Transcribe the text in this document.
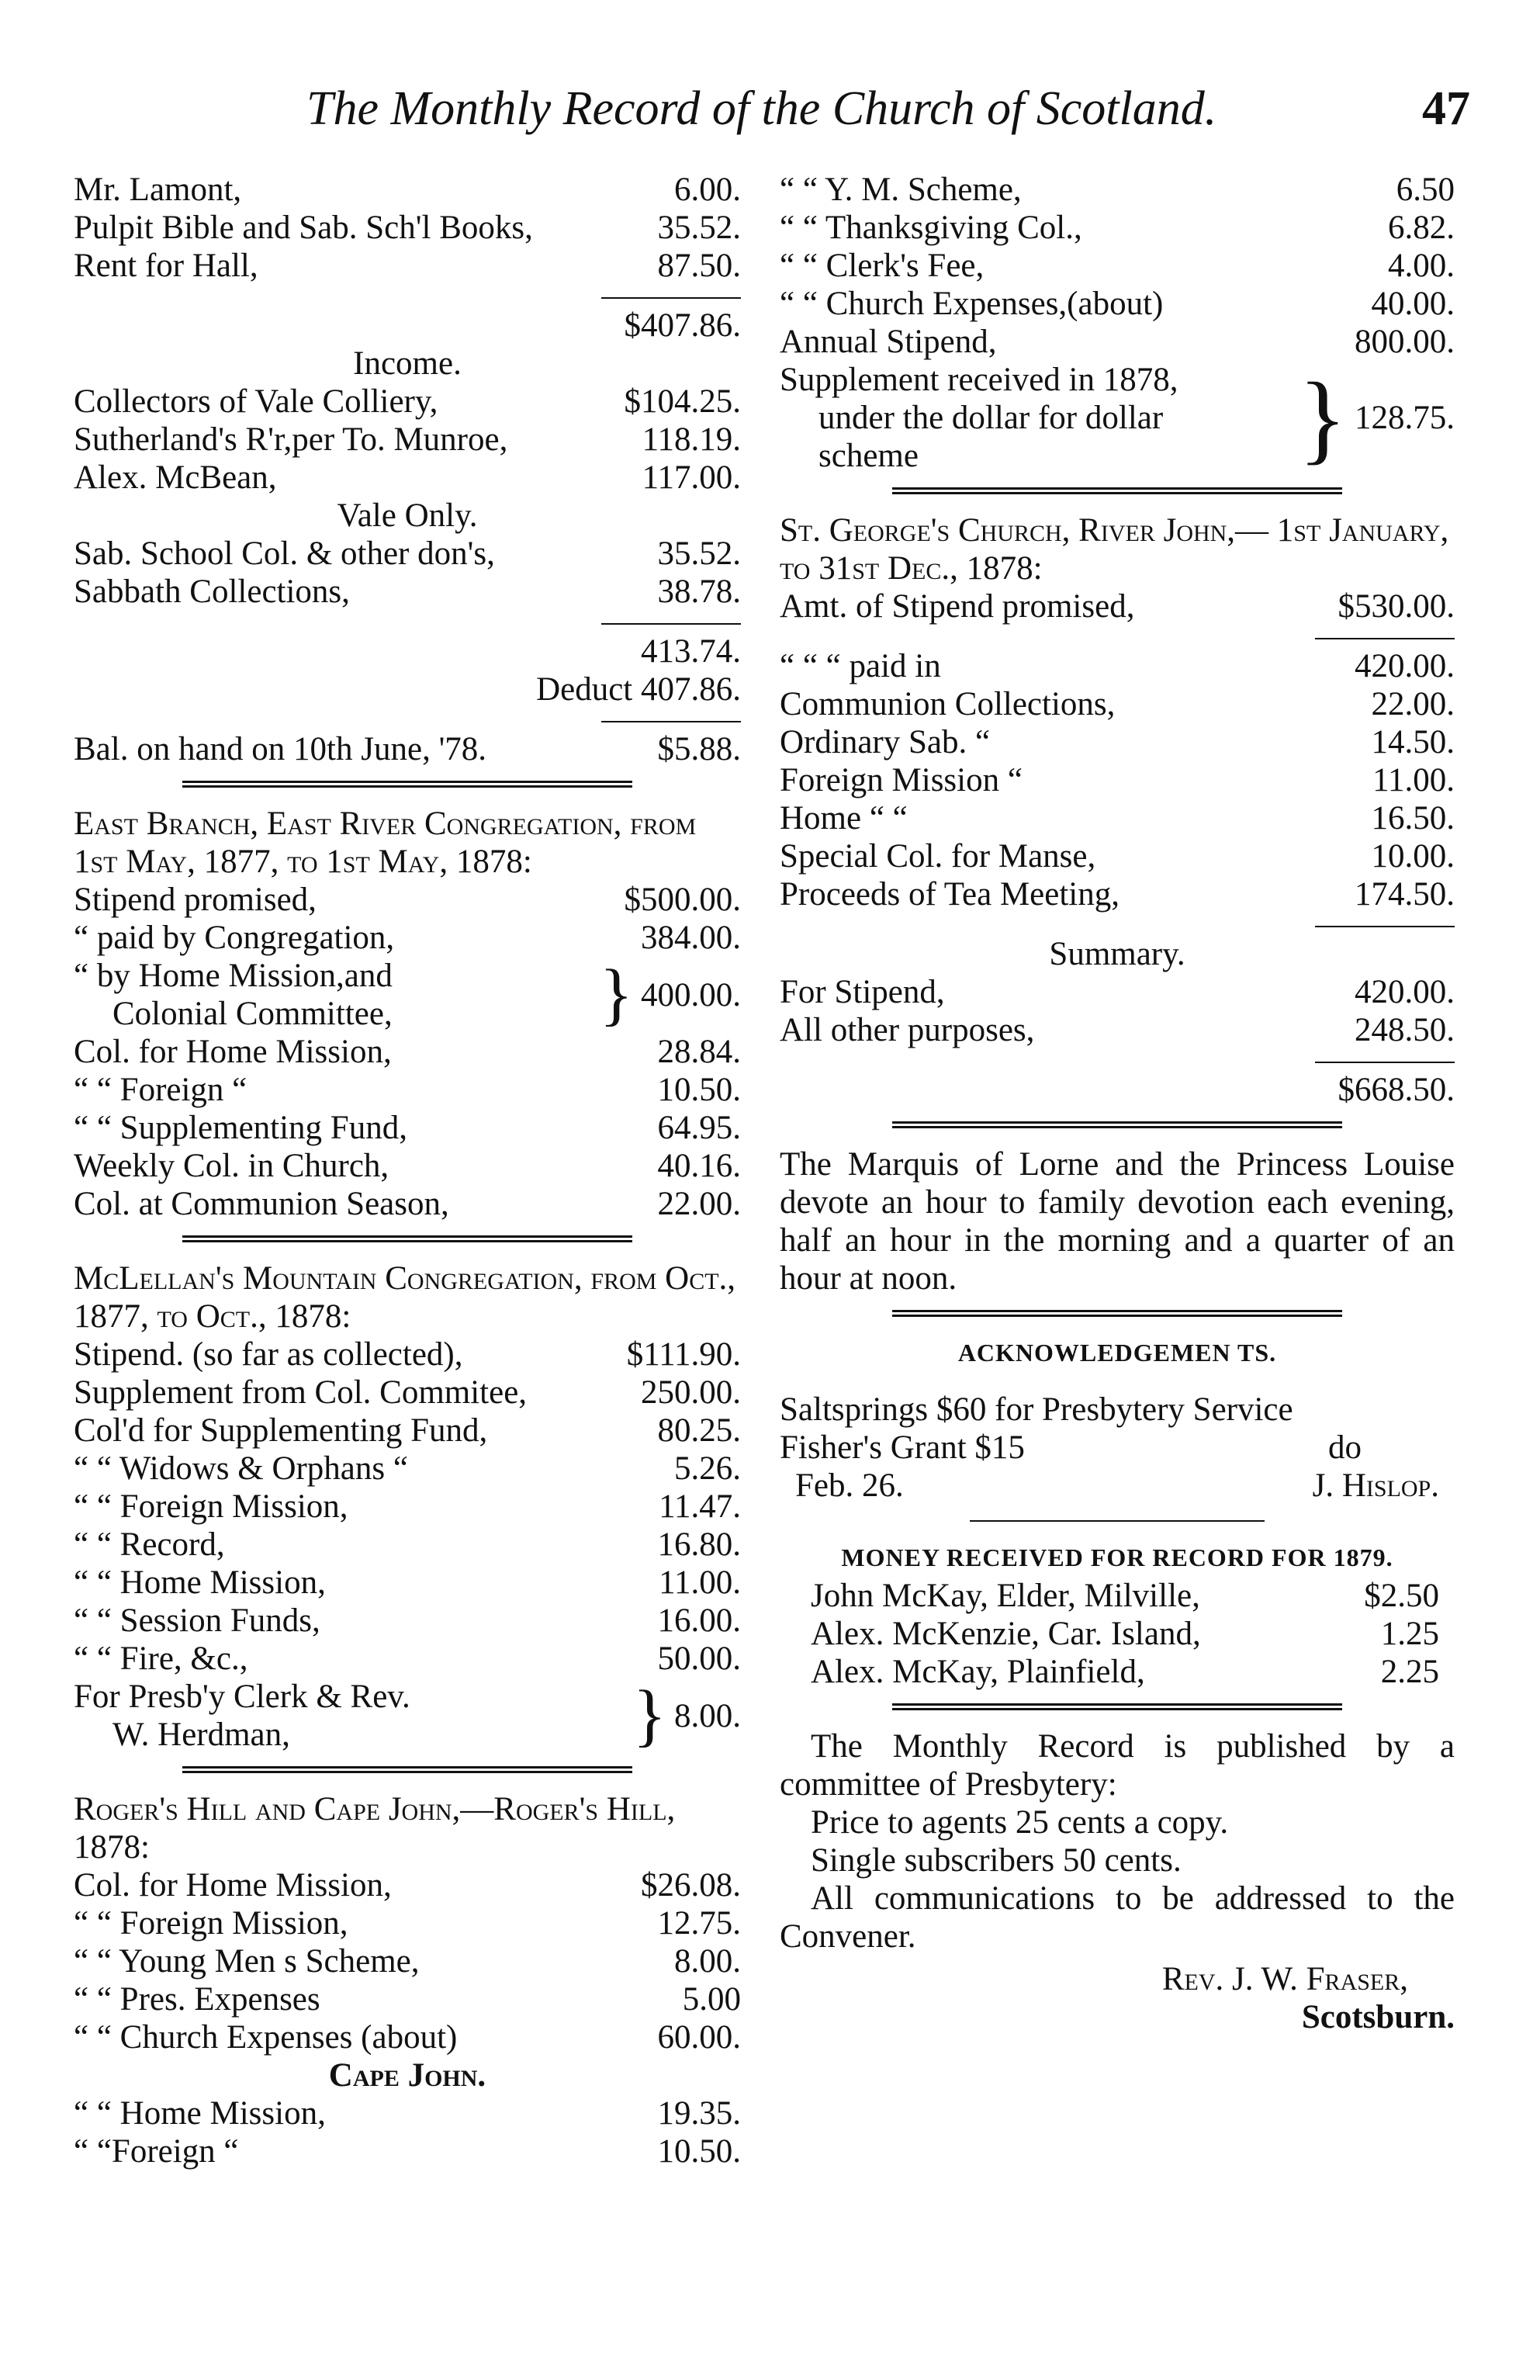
The Monthly Record of the Church of Scotland.	47
Mr. Lamont,	6.00.
Pulpit Bible and Sab. Sch'l Books,	35.52.
Rent for Hall,	87.50.
$407.86.
Income.
Collectors of Vale Colliery,	$104.25.
Sutherland's R'r,per To. Munroe,	118.19.
Alex. McBean,	117.00.
Vale Only.
Sab. School Col. & other don's,	35.52.
Sabbath Collections,	38.78.
413.74.
Deduct 407.86.
Bal. on hand on 10th June, '78.	$5.88.
East Branch, East River Congregation, from 1st May, 1877, to 1st May, 1878:
Stipend promised,	$500.00.
“ paid by Congregation,	384.00.
“ by Home Mission,and
Colonial Committee,	} 400.00.
Col. for Home Mission,	28.84.
“ “ Foreign “	10.50.
“ “ Supplementing Fund,	64.95.
Weekly Col. in Church,	40.16.
Col. at Communion Season,	22.00.
McLellan's Mountain Congregation, from Oct., 1877, to Oct., 1878:
Stipend. (so far as collected),	$111.90.
Supplement from Col. Commitee,	250.00.
Col'd for Supplementing Fund,	80.25.
“ “ Widows & Orphans “	5.26.
“ “ Foreign Mission,	11.47.
“ “ Record,	16.80.
“ “ Home Mission,	11.00.
“ “ Session Funds,	16.00.
“ “ Fire, &c.,	50.00.
For Presb'y Clerk & Rev.
W. Herdman,	} 8.00.
Roger's Hill and Cape John,—Roger's Hill, 1878:
Col. for Home Mission,	$26.08.
“ “ Foreign Mission,	12.75.
“ “ Young Men s Scheme,	8.00.
“ “ Pres. Expenses	5.00
“ “ Church Expenses (about)	60.00.
Cape John.
“ “ Home Mission,	19.35.
“ “Foreign “	10.50.
“ “ Y. M. Scheme,	6.50
“ “ Thanksgiving Col.,	6.82.
“ “ Clerk's Fee,	4.00.
“ “ Church Expenses,(about)	40.00.
Annual Stipend,	800.00.
Supplement received in 1878,
under the dollar for dollar
scheme	} 128.75.
St. George's Church, River John,— 1st January, to 31st Dec., 1878:
Amt. of Stipend promised,	$530.00.
“ “ “ paid in	420.00.
Communion Collections,	22.00.
Ordinary Sab. “	14.50.
Foreign Mission “	11.00.
Home “ “	16.50.
Special Col. for Manse,	10.00.
Proceeds of Tea Meeting,	174.50.
Summary.
For Stipend,	420.00.
All other purposes,	248.50.
$668.50.
The Marquis of Lorne and the Princess Louise devote an hour to family devotion each evening, half an hour in the morning and a quarter of an hour at noon.
ACKNOWLEDGEMEN TS.
Saltsprings $60 for Presbytery Service
Fisher's Grant $15	do
Feb. 26.	J. Hislop.
MONEY RECEIVED FOR RECORD FOR 1879.
John McKay, Elder, Milville,	$2.50
Alex. McKenzie, Car. Island,	1.25
Alex. McKay, Plainfield,	2.25
The Monthly Record is published by a committee of Presbytery:
Price to agents 25 cents a copy.
Single subscribers 50 cents.
All communications to be addressed to the Convener.
Rev. J. W. Fraser,
Scotsburn.
